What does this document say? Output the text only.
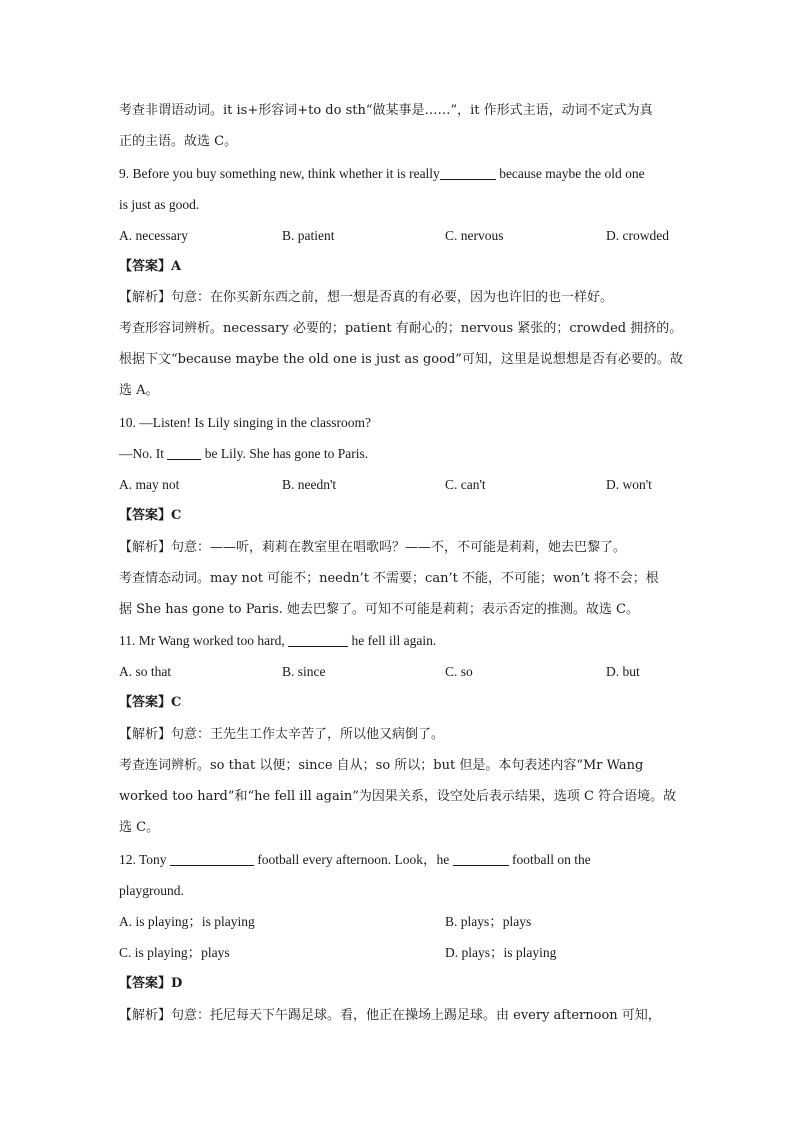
考查非谓语动词。it is+形容词+to do sth“做某事是……”，it 作形式主语，动词不定式为真
正的主语。故选 C。
9. Before you buy something new, think whether it is really	because maybe the old one
is just as good.
A. necessary	B. patient	C. nervous	D. crowded
【答案】A
【解析】句意：在你买新东西之前，想一想是否真的有必要，因为也许旧的也一样好。
考查形容词辨析。necessary 必要的；patient 有耐心的；nervous 紧张的；crowded 拥挤的。
根据下文“because maybe the old one is just as good”可知，这里是说想想是否有必要的。故
选 A。
10. —Listen! Is Lily singing in the classroom?
—No. It	be Lily. She has gone to Paris.
A. may not	B. needn't	C. can't	D. won't
【答案】C
【解析】句意：——听，莉莉在教室里在唱歌吗？——不，不可能是莉莉，她去巴黎了。
考查情态动词。may not 可能不；needn’t 不需要；can’t 不能，不可能；won’t 将不会；根
据 She has gone to Paris. 她去巴黎了。可知不可能是莉莉；表示否定的推测。故选 C。
11. Mr Wang worked too hard,	he fell ill again.
A. so that	B. since	C. so	D. but
【答案】C
【解析】句意：王先生工作太辛苦了，所以他又病倒了。
考查连词辨析。so that 以便；since 自从；so 所以；but 但是。本句表述内容“Mr Wang
worked too hard”和“he fell ill again”为因果关系，设空处后表示结果，选项 C 符合语境。故
选 C。
12. Tony	football every afternoon. Look，he	football on the
playground.
A. is playing；is playing	B. plays；plays
C. is playing；plays	D. plays；is playing
【答案】D
【解析】句意：托尼每天下午踢足球。看，他正在操场上踢足球。由 every afternoon 可知，
